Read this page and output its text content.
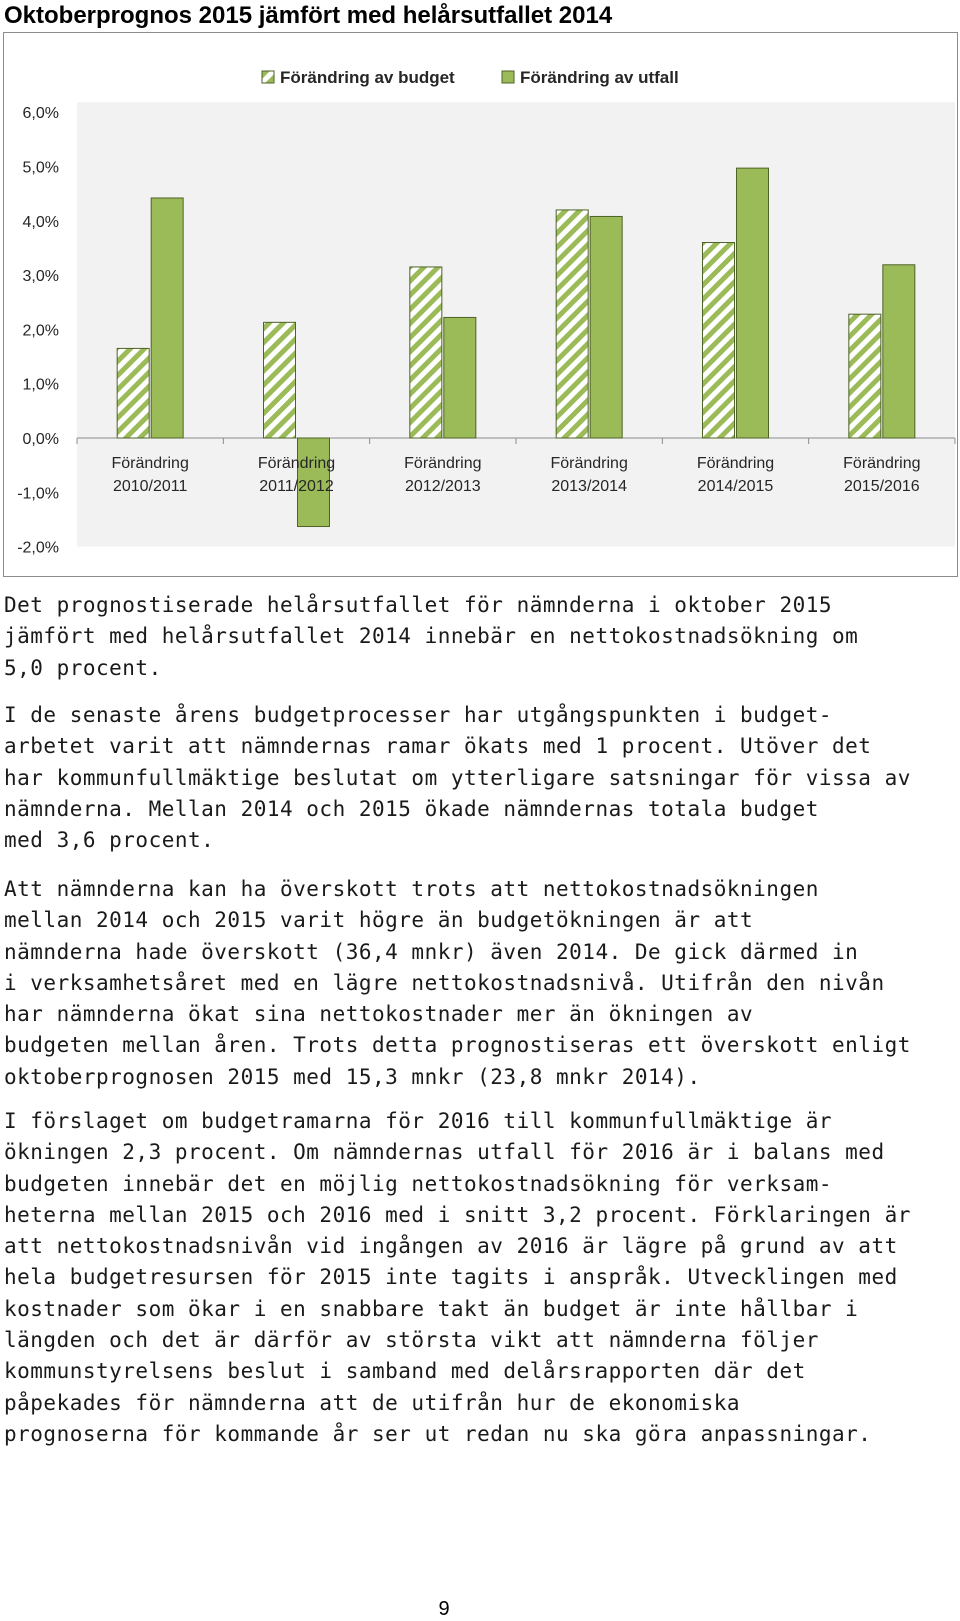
Oktoberprognos 2015 jämfört med helårsutfallet 2014
6,0%
5,0%
4,0%
3,0%
2,0%
1,0%
0,0%
-1,0%
-2,0%
Förändring
2010/2011
Förändring
2011/2012
Förändring
2012/2013
Förändring
2013/2014
Förändring
2014/2015
Förändring
2015/2016
Förändring av budget	Förändring av utfall
Det prognostiserade helårsutfallet för nämnderna i oktober 2015
jämfört med helårsutfallet 2014 innebär en nettokostnadsökning om
5,0 procent.
I de senaste årens budgetprocesser har utgångspunkten i budget-
arbetet varit att nämndernas ramar ökats med 1 procent. Utöver det
har kommunfullmäktige beslutat om ytterligare satsningar för vissa av
nämnderna. Mellan 2014 och 2015 ökade nämndernas totala budget
med 3,6 procent.
Att nämnderna kan ha överskott trots att nettokostnadsökningen
mellan 2014 och 2015 varit högre än budgetökningen är att
nämnderna hade överskott (36,4 mnkr) även 2014. De gick därmed in
i verksamhetsåret med en lägre nettokostnadsnivå. Utifrån den nivån
har nämnderna ökat sina nettokostnader mer än ökningen av
budgeten mellan åren. Trots detta prognostiseras ett överskott enligt
oktoberprognosen 2015 med 15,3 mnkr (23,8 mnkr 2014).
I förslaget om budgetramarna för 2016 till kommunfullmäktige är
ökningen 2,3 procent. Om nämndernas utfall för 2016 är i balans med
budgeten innebär det en möjlig nettokostnadsökning för verksam-
heterna mellan 2015 och 2016 med i snitt 3,2 procent. Förklaringen är
att nettokostnadsnivån vid ingången av 2016 är lägre på grund av att
hela budgetresursen för 2015 inte tagits i anspråk. Utvecklingen med
kostnader som ökar i en snabbare takt än budget är inte hållbar i
längden och det är därför av största vikt att nämnderna följer
kommunstyrelsens beslut i samband med delårsrapporten där det
påpekades för nämnderna att de utifrån hur de ekonomiska
prognoserna för kommande år ser ut redan nu ska göra anpassningar.
9
